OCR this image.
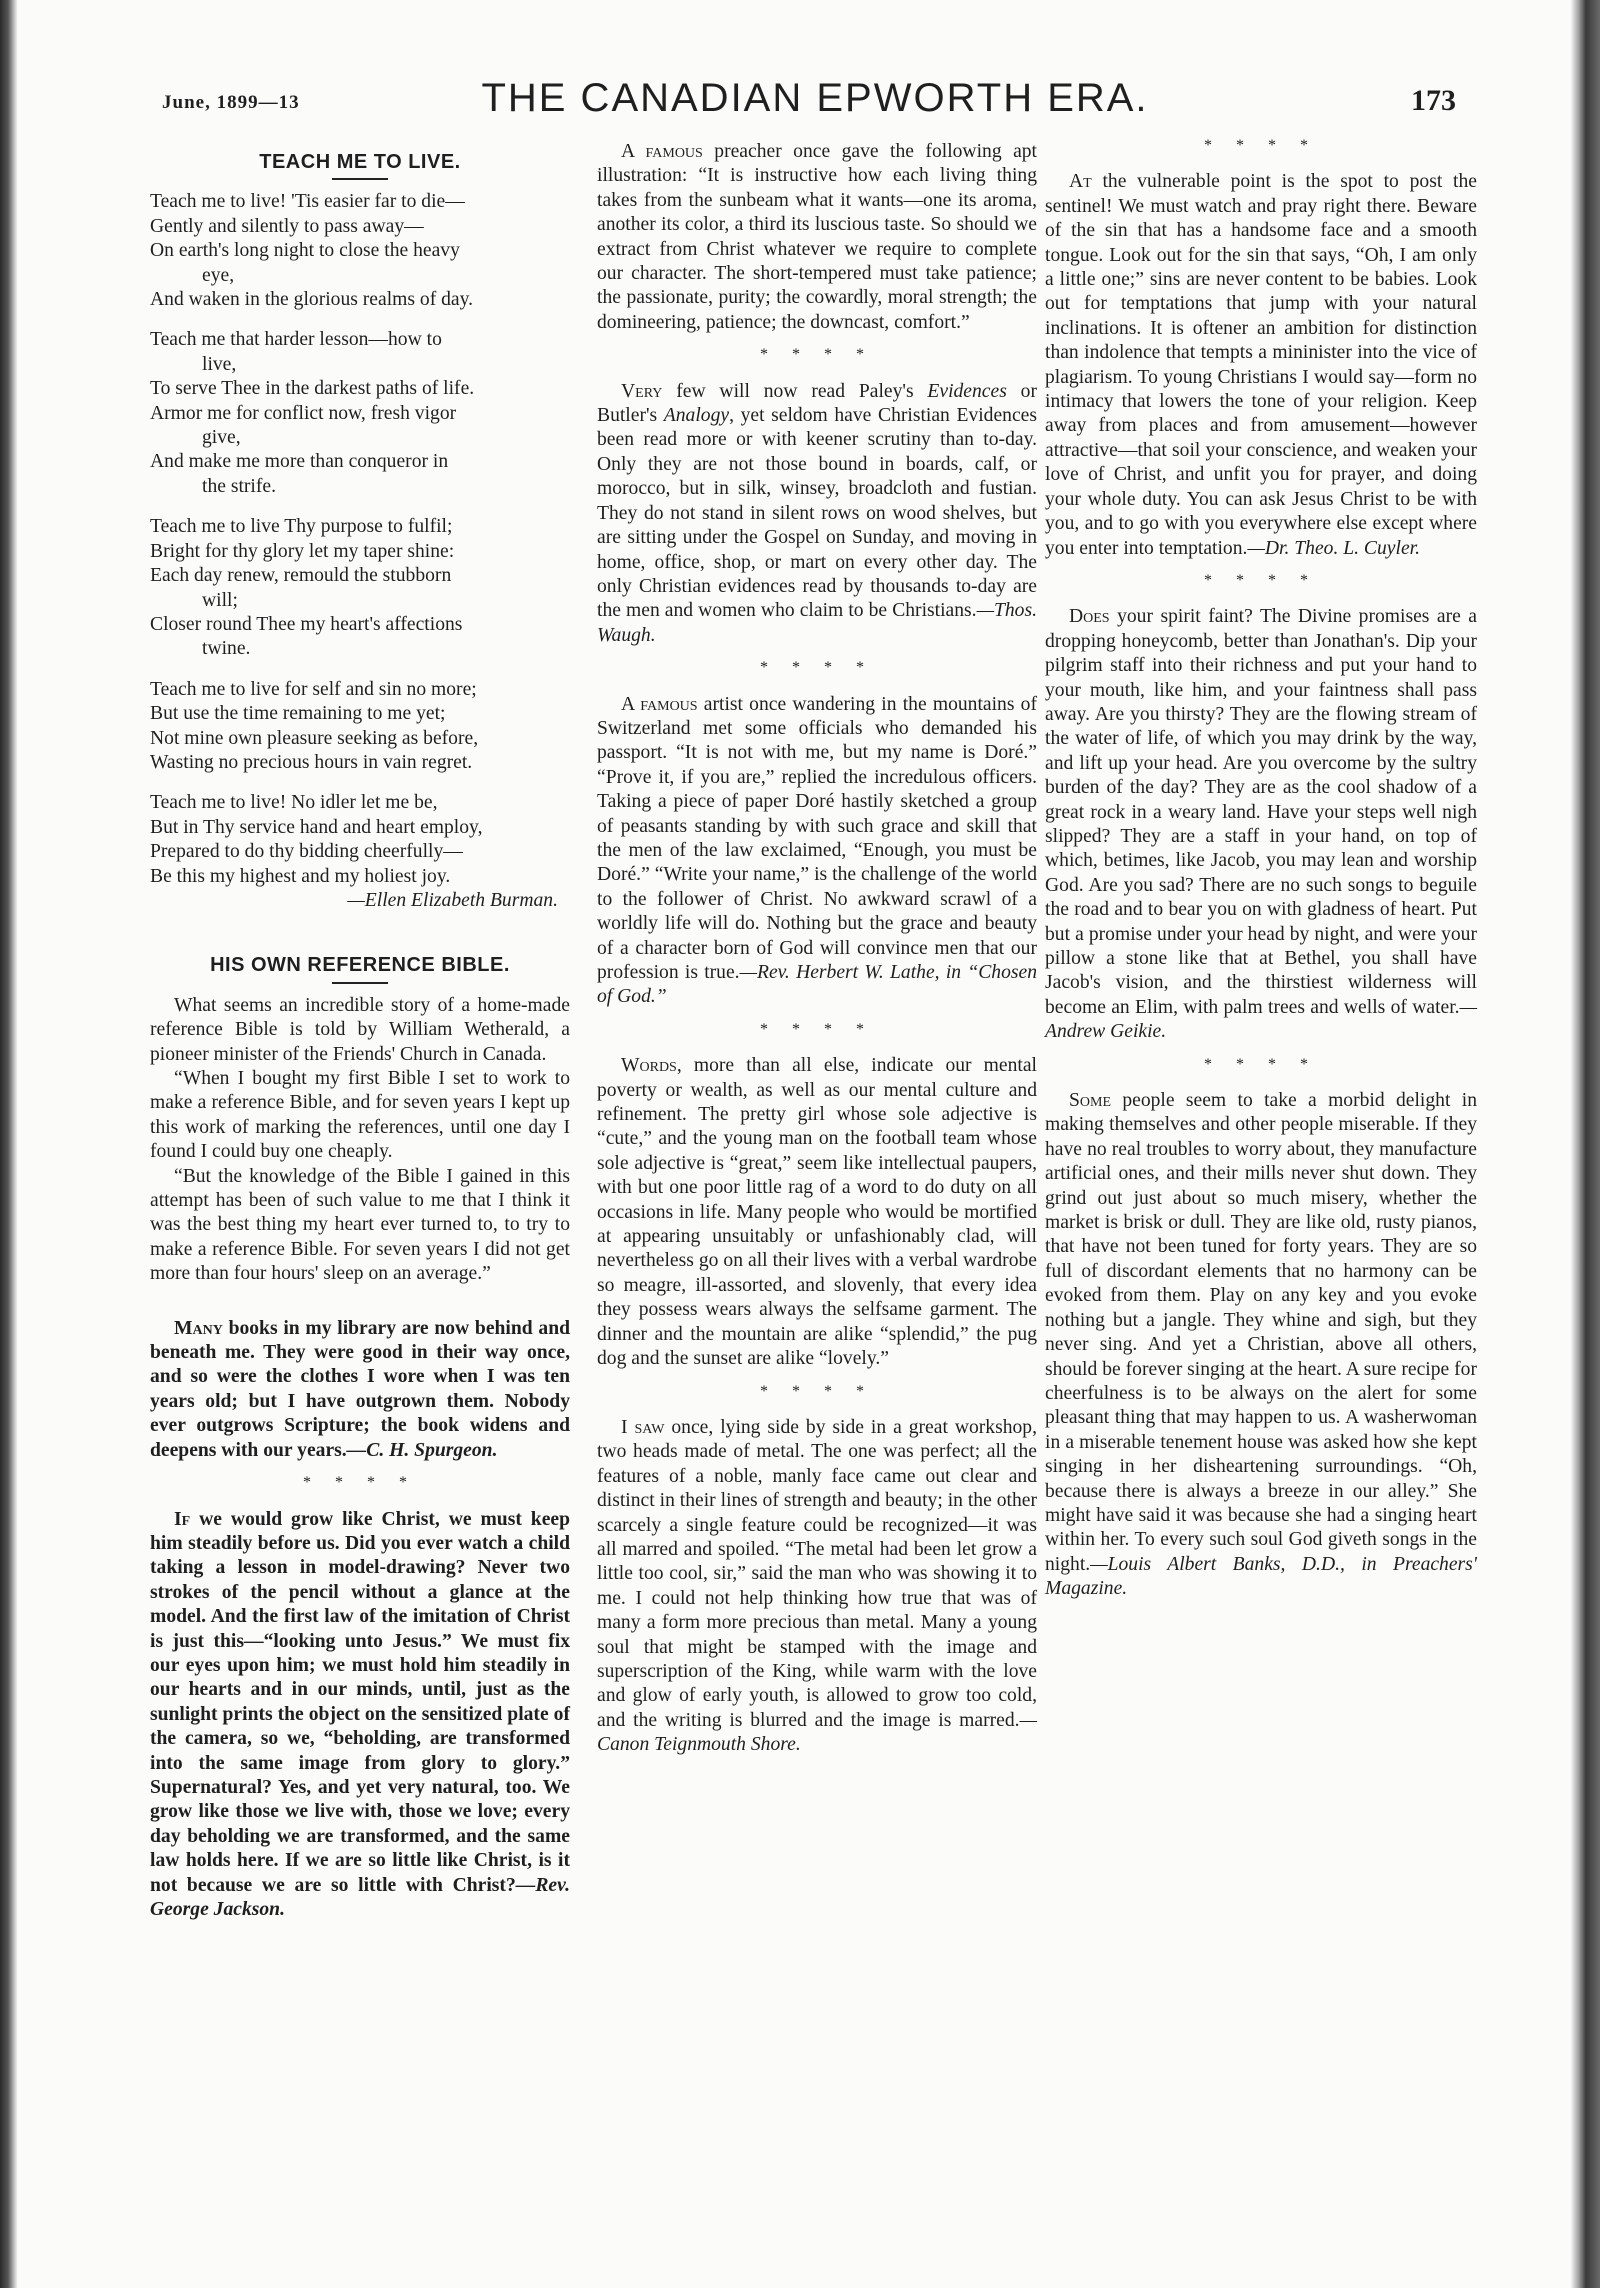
June, 1899—13	THE CANADIAN EPWORTH ERA.	173
TEACH ME TO LIVE.
Teach me to live! 'Tis easier far to die—
Gently and silently to pass away—
On earth's long night to close the heavy
eye,
And waken in the glorious realms of day.
Teach me that harder lesson—how to
live,
To serve Thee in the darkest paths of life.
Armor me for conflict now, fresh vigor
give,
And make me more than conqueror in
the strife.
Teach me to live Thy purpose to fulfil;
Bright for thy glory let my taper shine:
Each day renew, remould the stubborn
will;
Closer round Thee my heart's affections
twine.
Teach me to live for self and sin no more;
But use the time remaining to me yet;
Not mine own pleasure seeking as before,
Wasting no precious hours in vain regret.
Teach me to live! No idler let me be,
But in Thy service hand and heart employ,
Prepared to do thy bidding cheerfully—
Be this my highest and my holiest joy.
—Ellen Elizabeth Burman.
HIS OWN REFERENCE BIBLE.

What seems an incredible story of a home-made reference Bible is told by William Wetherald, a pioneer minister of the Friends' Church in Canada.

“When I bought my first Bible I set to work to make a reference Bible, and for seven years I kept up this work of marking the references, until one day I found I could buy one cheaply.

“But the knowledge of the Bible I gained in this attempt has been of such value to me that I think it was the best thing my heart ever turned to, to try to make a reference Bible. For seven years I did not get more than four hours' sleep on an average.”

Many books in my library are now behind and beneath me. They were good in their way once, and so were the clothes I wore when I was ten years old; but I have outgrown them. Nobody ever outgrows Scripture; the book widens and deepens with our years.—C. H. Spurgeon.

* * * *

If we would grow like Christ, we must keep him steadily before us. Did you ever watch a child taking a lesson in model-drawing? Never two strokes of the pencil without a glance at the model. And the first law of the imitation of Christ is just this—“looking unto Jesus.” We must fix our eyes upon him; we must hold him steadily in our hearts and in our minds, until, just as the sunlight prints the object on the sensitized plate of the camera, so we, “beholding, are transformed into the same image from glory to glory.” Supernatural? Yes, and yet very natural, too. We grow like those we live with, those we love; every day beholding we are transformed, and the same law holds here. If we are so little like Christ, is it not because we are so little with Christ?—Rev. George Jackson.

A famous preacher once gave the following apt illustration: “It is instructive how each living thing takes from the sunbeam what it wants—one its aroma, another its color, a third its luscious taste. So should we extract from Christ whatever we require to complete our character. The short-tempered must take patience; the passionate, purity; the cowardly, moral strength; the domineering, patience; the downcast, comfort.”

* * * *

Very few will now read Paley's Evidences or Butler's Analogy, yet seldom have Christian Evidences been read more or with keener scrutiny than to-day. Only they are not those bound in boards, calf, or morocco, but in silk, winsey, broadcloth and fustian. They do not stand in silent rows on wood shelves, but are sitting under the Gospel on Sunday, and moving in home, office, shop, or mart on every other day. The only Christian evidences read by thousands to-day are the men and women who claim to be Christians.—Thos. Waugh.

* * * *

A famous artist once wandering in the mountains of Switzerland met some officials who demanded his passport. “It is not with me, but my name is Doré.” “Prove it, if you are,” replied the incredulous officers. Taking a piece of paper Doré hastily sketched a group of peasants standing by with such grace and skill that the men of the law exclaimed, “Enough, you must be Doré.” “Write your name,” is the challenge of the world to the follower of Christ. No awkward scrawl of a worldly life will do. Nothing but the grace and beauty of a character born of God will convince men that our profession is true.—Rev. Herbert W. Lathe, in “Chosen of God.”

* * * *

Words, more than all else, indicate our mental poverty or wealth, as well as our mental culture and refinement. The pretty girl whose sole adjective is “cute,” and the young man on the football team whose sole adjective is “great,” seem like intellectual paupers, with but one poor little rag of a word to do duty on all occasions in life. Many people who would be mortified at appearing unsuitably or unfashionably clad, will nevertheless go on all their lives with a verbal wardrobe so meagre, ill-assorted, and slovenly, that every idea they possess wears always the selfsame garment. The dinner and the mountain are alike “splendid,” the pug dog and the sunset are alike “lovely.”

* * * *

I saw once, lying side by side in a great workshop, two heads made of metal. The one was perfect; all the features of a noble, manly face came out clear and distinct in their lines of strength and beauty; in the other scarcely a single feature could be recognized—it was all marred and spoiled. “The metal had been let grow a little too cool, sir,” said the man who was showing it to me. I could not help thinking how true that was of many a form more precious than metal. Many a young soul that might be stamped with the image and superscription of the King, while warm with the love and glow of early youth, is allowed to grow too cold, and the writing is blurred and the image is marred.—Canon Teignmouth Shore.

* * * *

At the vulnerable point is the spot to post the sentinel! We must watch and pray right there. Beware of the sin that has a handsome face and a smooth tongue. Look out for the sin that says, “Oh, I am only a little one;” sins are never content to be babies. Look out for temptations that jump with your natural inclinations. It is oftener an ambition for distinction than indolence that tempts a mininister into the vice of plagiarism. To young Christians I would say—form no intimacy that lowers the tone of your religion. Keep away from places and from amusement—however attractive—that soil your conscience, and weaken your love of Christ, and unfit you for prayer, and doing your whole duty. You can ask Jesus Christ to be with you, and to go with you everywhere else except where you enter into temptation.—Dr. Theo. L. Cuyler.

* * * *

Does your spirit faint? The Divine promises are a dropping honeycomb, better than Jonathan's. Dip your pilgrim staff into their richness and put your hand to your mouth, like him, and your faintness shall pass away. Are you thirsty? They are the flowing stream of the water of life, of which you may drink by the way, and lift up your head. Are you overcome by the sultry burden of the day? They are as the cool shadow of a great rock in a weary land. Have your steps well nigh slipped? They are a staff in your hand, on top of which, betimes, like Jacob, you may lean and worship God. Are you sad? There are no such songs to beguile the road and to bear you on with gladness of heart. Put but a promise under your head by night, and were your pillow a stone like that at Bethel, you shall have Jacob's vision, and the thirstiest wilderness will become an Elim, with palm trees and wells of water.—Andrew Geikie.

* * * *

Some people seem to take a morbid delight in making themselves and other people miserable. If they have no real troubles to worry about, they manufacture artificial ones, and their mills never shut down. They grind out just about so much misery, whether the market is brisk or dull. They are like old, rusty pianos, that have not been tuned for forty years. They are so full of discordant elements that no harmony can be evoked from them. Play on any key and you evoke nothing but a jangle. They whine and sigh, but they never sing. And yet a Christian, above all others, should be forever singing at the heart. A sure recipe for cheerfulness is to be always on the alert for some pleasant thing that may happen to us. A washerwoman in a miserable tenement house was asked how she kept singing in her disheartening surroundings. “Oh, because there is always a breeze in our alley.” She might have said it was because she had a singing heart within her. To every such soul God giveth songs in the night.—Louis Albert Banks, D.D., in Preachers' Magazine.
